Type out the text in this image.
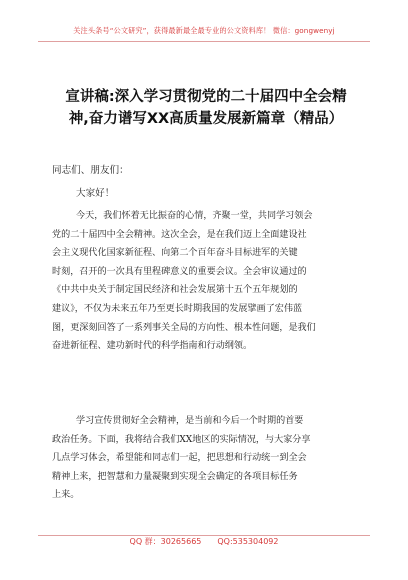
关注头条号“公文研究”，获得最新最全最专业的公文资料库！ 微信：gongwenyj
宣讲稿:深入学习贯彻党的二十届四中全会精
神,奋力谱写XX高质量发展新篇章（精品）
同志们、朋友们：
大家好！
今天，我们怀着无比振奋的心情，齐聚一堂，共同学习领会
党的二十届四中全会精神。这次全会，是在我们迈上全面建设社
会主义现代化国家新征程、向第二个百年奋斗目标进军的关键
时刻，召开的一次具有里程碑意义的重要会议。全会审议通过的
《中共中央关于制定国民经济和社会发展第十五个五年规划的
建议》，不仅为未来五年乃至更长时期我国的发展擘画了宏伟蓝
图，更深刻回答了一系列事关全局的方向性、根本性问题，是我们
奋进新征程、建功新时代的科学指南和行动纲领。
学习宣传贯彻好全会精神，是当前和今后一个时期的首要
政治任务。下面，我将结合我们XX地区的实际情况，与大家分享
几点学习体会，希望能和同志们一起，把思想和行动统一到全会
精神上来，把智慧和力量凝聚到实现全会确定的各项目标任务
上来。
QQ 群：30265665 QQ:535304092
